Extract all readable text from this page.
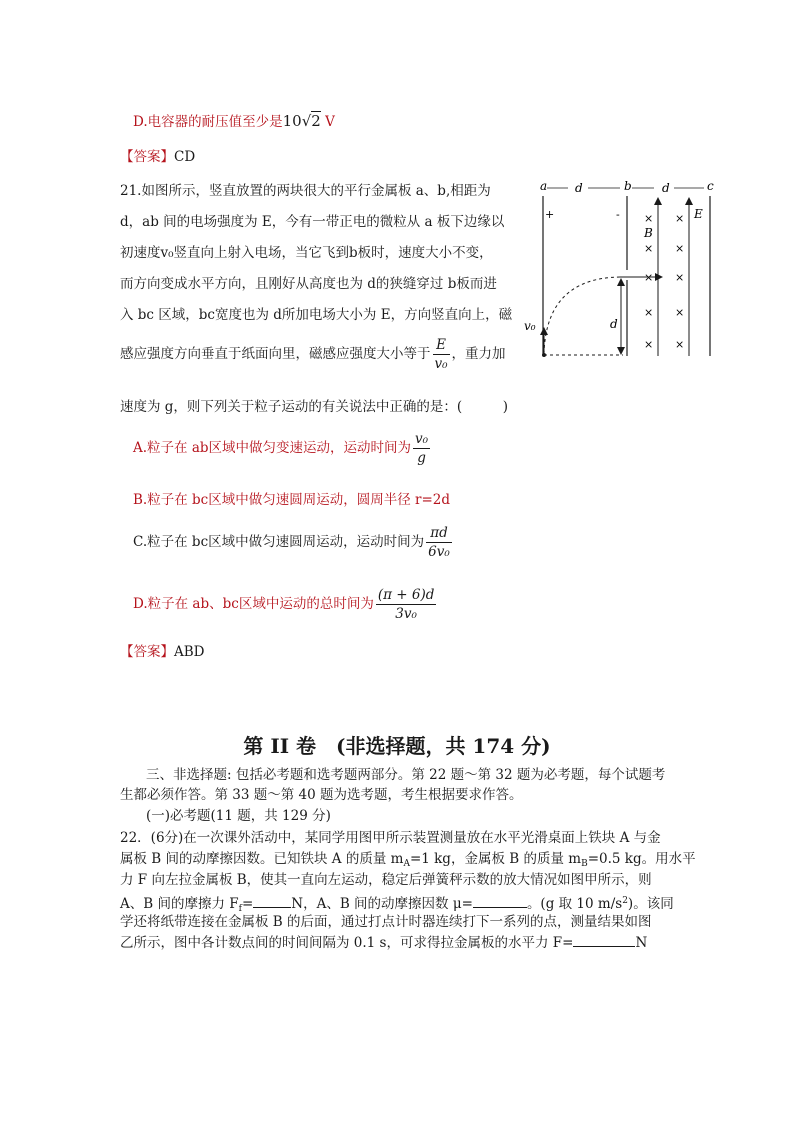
D.电容器的耐压值至少是10√2 V
【答案】CD
21.如图所示，竖直放置的两块很大的平行金属板 a、b,相距为
d，ab 间的电场强度为 E，今有一带正电的微粒从 a 板下边缘以
初速度v₀竖直向上射入电场，当它飞到b板时，速度大小不变，
而方向变成水平方向，且刚好从高度也为 d的狭缝穿过 b板而进
入 bc 区域，bc宽度也为 d所加电场大小为 E，方向竖直向上，磁
感应强度方向垂直于纸面向里，磁感应强度大小等于 $\frac{E}{\text{v₀}}$ ，重力加
速度为 g，则下列关于粒子运动的有关说法中正确的是：(　　　)
a	b	c
d	d
+	-	E
B
× ×
× ×
× ×
× ×
× ×
d
v₀
A.粒子在 ab区域中做匀变速运动，运动时间为 $\frac{\text{v₀}}{g}$
B.粒子在 bc区域中做匀速圆周运动，圆周半径 r=2d
C.粒子在 bc区域中做匀速圆周运动，运动时间为 $\frac{\pi d}{\text{6v₀}}$
D.粒子在 ab、bc区域中运动的总时间为 $\frac{(\pi + 6)d}{\text{3v₀}}$
【答案】ABD
第 II 卷　(非选择题，共 174 分)
三、非选择题: 包括必考题和选考题两部分。第 22 题～第 32 题为必考题，每个试题考
生都必须作答。第 33 题～第 40 题为选考题，考生根据要求作答。
(一)必考题(11 题，共 129 分)
22．(6分)在一次课外活动中，某同学用图甲所示装置测量放在水平光滑桌面上铁块 A 与金
属板 B 间的动摩擦因数。已知铁块 A 的质量 $m_A=1$ kg，金属板 B 的质量 $m_B=0.5$ kg。用水平
力 F 向左拉金属板 B，使其一直向左运动，稳定后弹簧秤示数的放大情况如图甲所示，则
A、B 间的摩擦力 $F_f=$	N，A、B 间的动摩擦因数 μ=	。(g 取 10 $m/s^2$)。该同
学还将纸带连接在金属板 B 的后面，通过打点计时器连续打下一系列的点，测量结果如图
乙所示，图中各计数点间的时间间隔为 0.1 s，可求得拉金属板的水平力 F=	N
